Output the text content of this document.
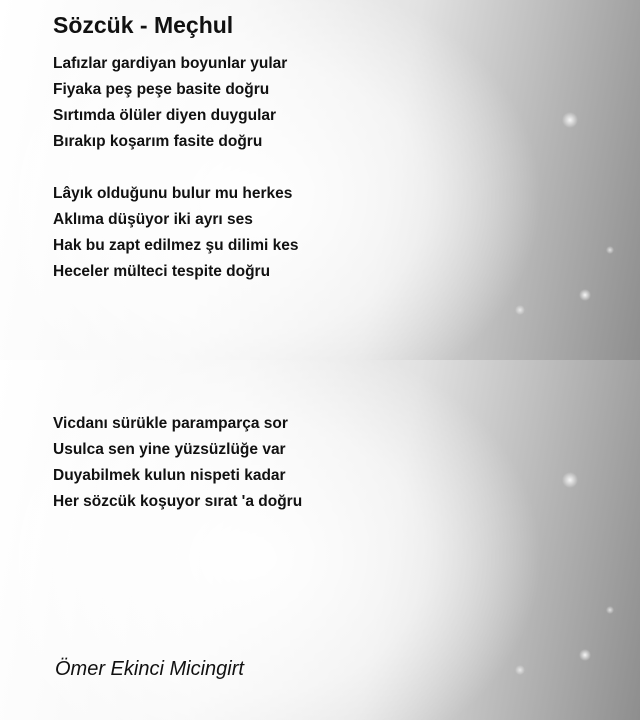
Sözcük - Meçhul
Lafızlar gardiyan boyunlar yular
Fiyaka peş peşe basite doğru
Sırtımda ölüler diyen duygular
Bırakıp koşarım fasite doğru
Lâyık olduğunu bulur mu herkes
Aklıma düşüyor iki ayrı ses
Hak bu zapt edilmez şu dilimi kes
Heceler mülteci tespite doğru
Vicdanı sürükle paramparça sor
Usulca sen yine yüzsüzlüğe var
Duyabilmek kulun nispeti kadar
Her sözcük koşuyor sırat 'a doğru

Ömer Ekinci Micingirt
